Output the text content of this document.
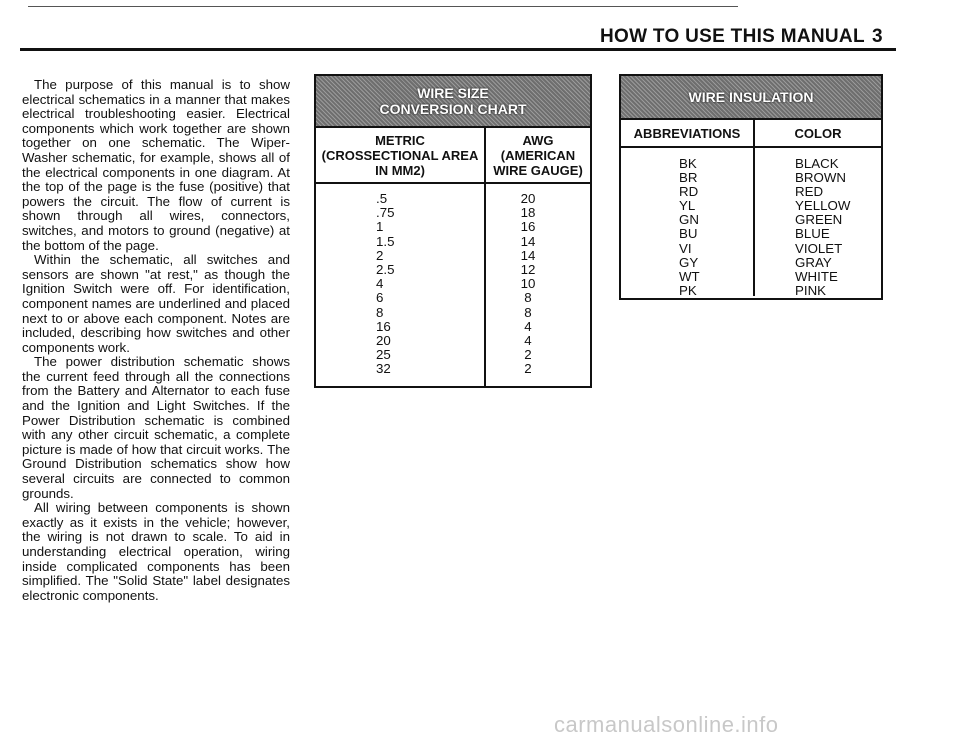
HOW TO USE THIS MANUAL 3

The purpose of this manual is to show electrical schematics in a manner that makes electrical troubleshooting easier. Electrical components which work together are shown together on one schematic. The Wiper-Washer schematic, for example, shows all of the electrical components in one diagram. At the top of the page is the fuse (positive) that powers the circuit. The flow of current is shown through all wires, connectors, switches, and motors to ground (negative) at the bottom of the page.

Within the schematic, all switches and sensors are shown "at rest," as though the Ignition Switch were off. For identification, component names are underlined and placed next to or above each component. Notes are included, describing how switches and other components work.

The power distribution schematic shows the current feed through all the connections from the Battery and Alternator to each fuse and the Ignition and Light Switches. If the Power Distribution schematic is combined with any other circuit schematic, a complete picture is made of how that circuit works. The Ground Distribution schematics show how several circuits are connected to common grounds.

All wiring between components is shown exactly as it exists in the vehicle; however, the wiring is not drawn to scale. To aid in understanding electrical operation, wiring inside complicated components has been simplified. The "Solid State" label designates electronic components.

WIRE SIZE
CONVERSION CHART
METRIC
(CROSSECTIONAL AREA
IN MM2)
AWG
(AMERICAN
WIRE GAUGE)
.5
.75
1
1.5
2
2.5
4
6
8
16
20
25
32
20
18
16
14
14
12
10
8
8
4
4
2
2
WIRE INSULATION
ABBREVIATIONS	COLOR
BK
BR
RD
YL
GN
BU
VI
GY
WT
PK
BLACK
BROWN
RED
YELLOW
GREEN
BLUE
VIOLET
GRAY
WHITE
PINK
carmanualsonline.info
